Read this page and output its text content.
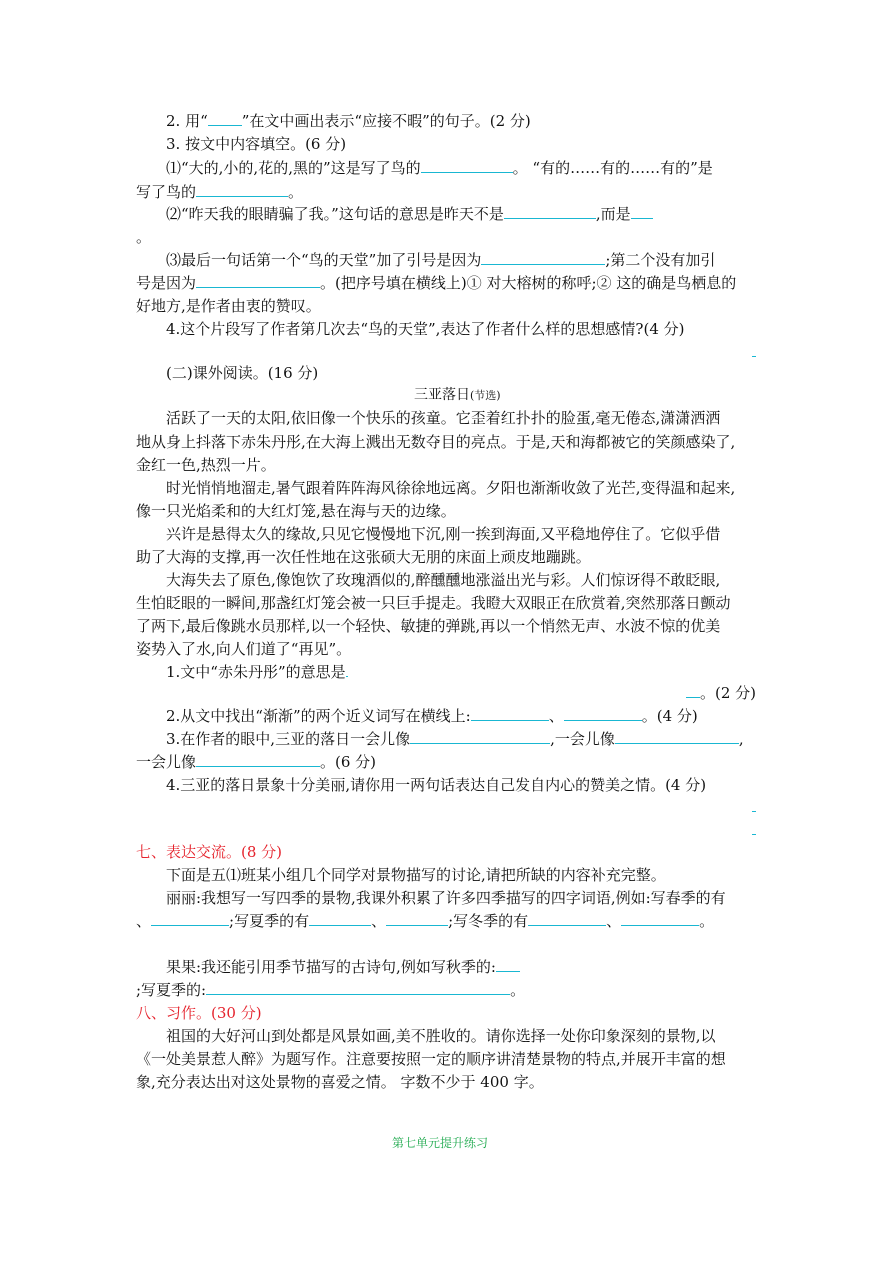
2. 用“ ”在文中画出表示“应接不暇”的句子。(2 分)
3. 按文中内容填空。(6 分)
⑴“大的,小的,花的,黑的”这是写了鸟的	。 “有的……有的……有的”是
写了鸟的	。
⑵“昨天我的眼睛骗了我。”这句话的意思是昨天不是	,而是
。
⑶最后一句话第一个“鸟的天堂”加了引号是因为	;第二个没有加引
号是因为	。(把序号填在横线上)① 对大榕树的称呼;② 这的确是鸟栖息的
好地方,是作者由衷的赞叹。
4.这个片段写了作者第几次去“鸟的天堂”,表达了作者什么样的思想感情?(4 分)
(二)课外阅读。(16 分)
三亚落日(节选)
活跃了一天的太阳,依旧像一个快乐的孩童。它歪着红扑扑的脸蛋,毫无倦态,潇潇洒洒
地从身上抖落下赤朱丹彤,在大海上溅出无数夺目的亮点。于是,天和海都被它的笑颜感染了,
金红一色,热烈一片。
时光悄悄地溜走,暑气跟着阵阵海风徐徐地远离。夕阳也渐渐收敛了光芒,变得温和起来,
像一只光焰柔和的大红灯笼,悬在海与天的边缘。
兴许是悬得太久的缘故,只见它慢慢地下沉,刚一挨到海面,又平稳地停住了。它似乎借
助了大海的支撑,再一次任性地在这张硕大无朋的床面上顽皮地蹦跳。
大海失去了原色,像饱饮了玫瑰酒似的,醉醺醺地涨溢出光与彩。人们惊讶得不敢眨眼,
生怕眨眼的一瞬间,那盏红灯笼会被一只巨手提走。我瞪大双眼正在欣赏着,突然那落日颤动
了两下,最后像跳水员那样,以一个轻快、敏捷的弹跳,再以一个悄然无声、水波不惊的优美
姿势入了水,向人们道了“再见”。
1.文中“赤朱丹彤”的意思是
。(2 分)
2.从文中找出“渐渐”的两个近义词写在横线上:	、	。(4 分)
3.在作者的眼中,三亚的落日一会儿像	,一会儿像	,
一会儿像	。(6 分)
4.三亚的落日景象十分美丽,请你用一两句话表达自己发自内心的赞美之情。(4 分)
七、表达交流。(8 分)
下面是五⑴班某小组几个同学对景物描写的讨论,请把所缺的内容补充完整。
丽丽:我想写一写四季的景物,我课外积累了许多四季描写的四字词语,例如:写春季的有
、	;写夏季的有	、	;写冬季的有	、	。
果果:我还能引用季节描写的古诗句,例如写秋季的:
;写夏季的:	。
八、习作。(30 分)
祖国的大好河山到处都是风景如画,美不胜收的。请你选择一处你印象深刻的景物,以
《一处美景惹人醉》为题写作。注意要按照一定的顺序讲清楚景物的特点,并展开丰富的想
象,充分表达出对这处景物的喜爱之情。 字数不少于 400 字。
第七单元提升练习
